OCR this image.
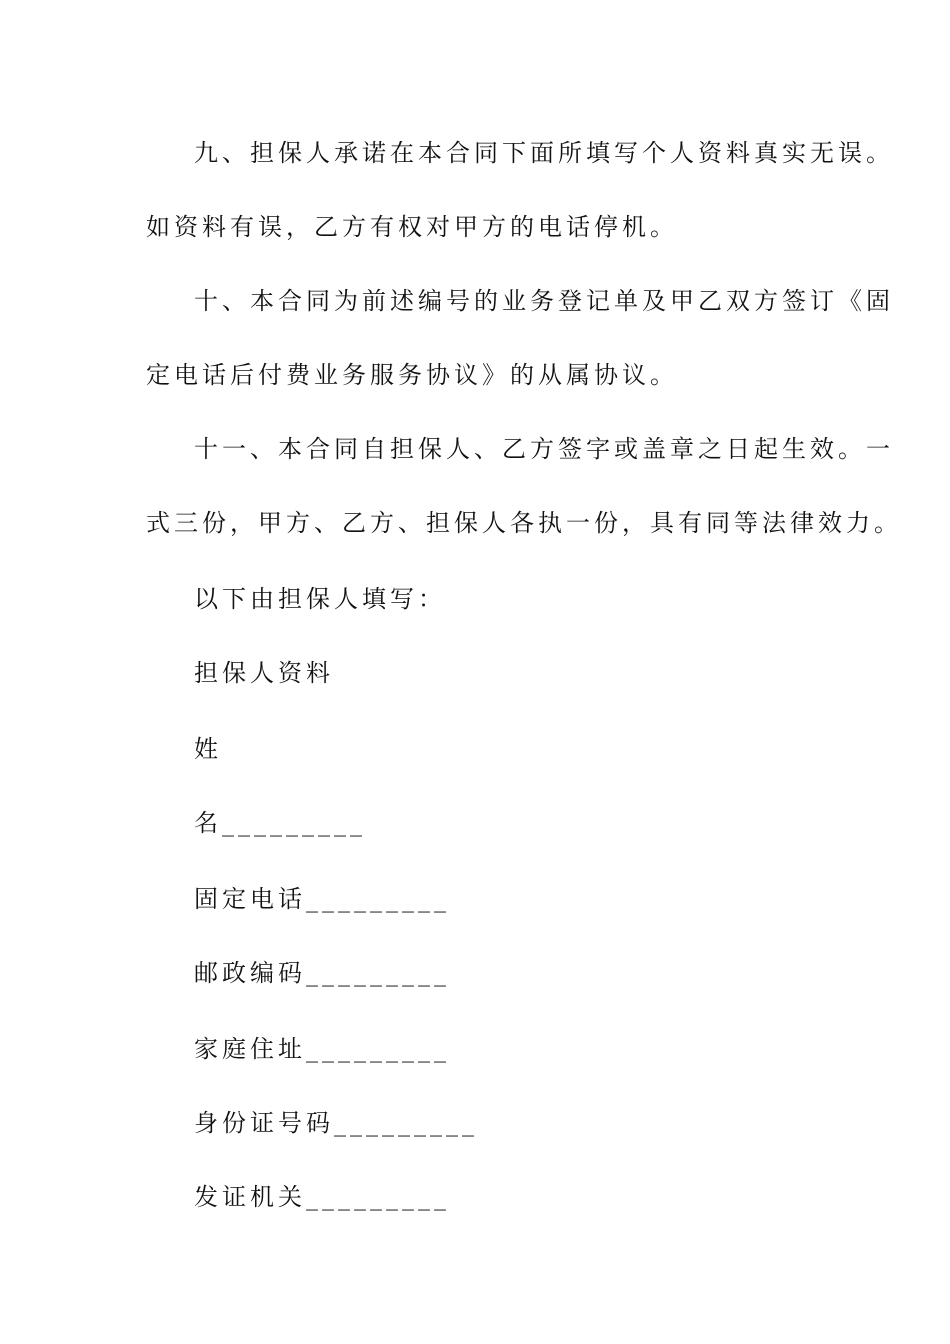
九、担保人承诺在本合同下面所填写个人资料真实无误。
如资料有误，乙方有权对甲方的电话停机。
十、本合同为前述编号的业务登记单及甲乙双方签订《固
定电话后付费业务服务协议》的从属协议。
十一、本合同自担保人、乙方签字或盖章之日起生效。一
式三份，甲方、乙方、担保人各执一份，具有同等法律效力。
以下由担保人填写：
担保人资料
姓
名_________
固定电话_________
邮政编码_________
家庭住址_________
身份证号码_________
发证机关_________
